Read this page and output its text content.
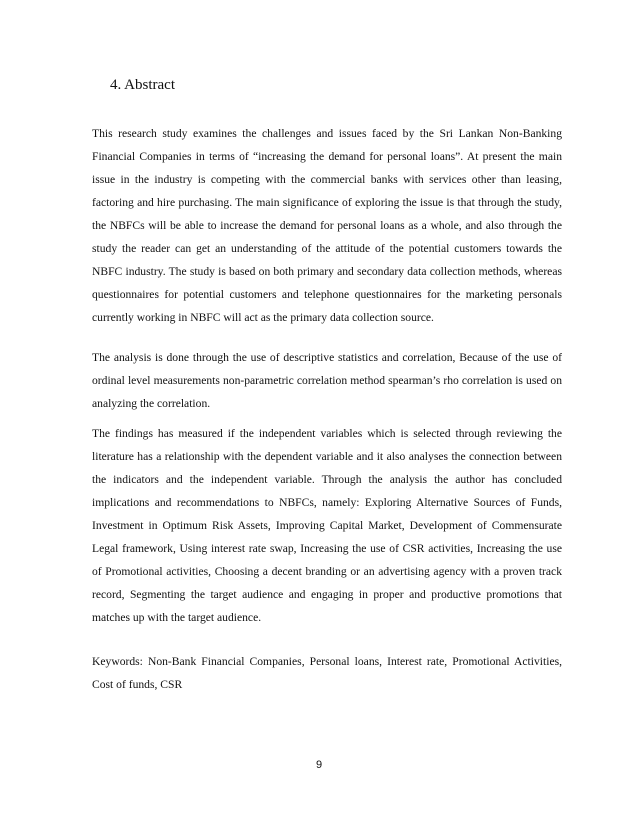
4. Abstract

This research study examines the challenges and issues faced by the Sri Lankan Non-Banking Financial Companies in terms of “increasing the demand for personal loans”. At present the main issue in the industry is competing with the commercial banks with services other than leasing, factoring and hire purchasing. The main significance of exploring the issue is that through the study, the NBFCs will be able to increase the demand for personal loans as a whole, and also through the study the reader can get an understanding of the attitude of the potential customers towards the NBFC industry. The study is based on both primary and secondary data collection methods, whereas questionnaires for potential customers and telephone questionnaires for the marketing personals currently working in NBFC will act as the primary data collection source.

The analysis is done through the use of descriptive statistics and correlation, Because of the use of ordinal level measurements non-parametric correlation method spearman’s rho correlation is used on analyzing the correlation.

The findings has measured if the independent variables which is selected through reviewing the literature has a relationship with the dependent variable and it also analyses the connection between the indicators and the independent variable. Through the analysis the author has concluded implications and recommendations to NBFCs, namely: Exploring Alternative Sources of Funds, Investment in Optimum Risk Assets, Improving Capital Market, Development of Commensurate Legal framework, Using interest rate swap, Increasing the use of CSR activities, Increasing the use of Promotional activities, Choosing a decent branding or an advertising agency with a proven track record, Segmenting the target audience and engaging in proper and productive promotions that matches up with the target audience.

Keywords: Non-Bank Financial Companies, Personal loans, Interest rate, Promotional Activities, Cost of funds, CSR

9
